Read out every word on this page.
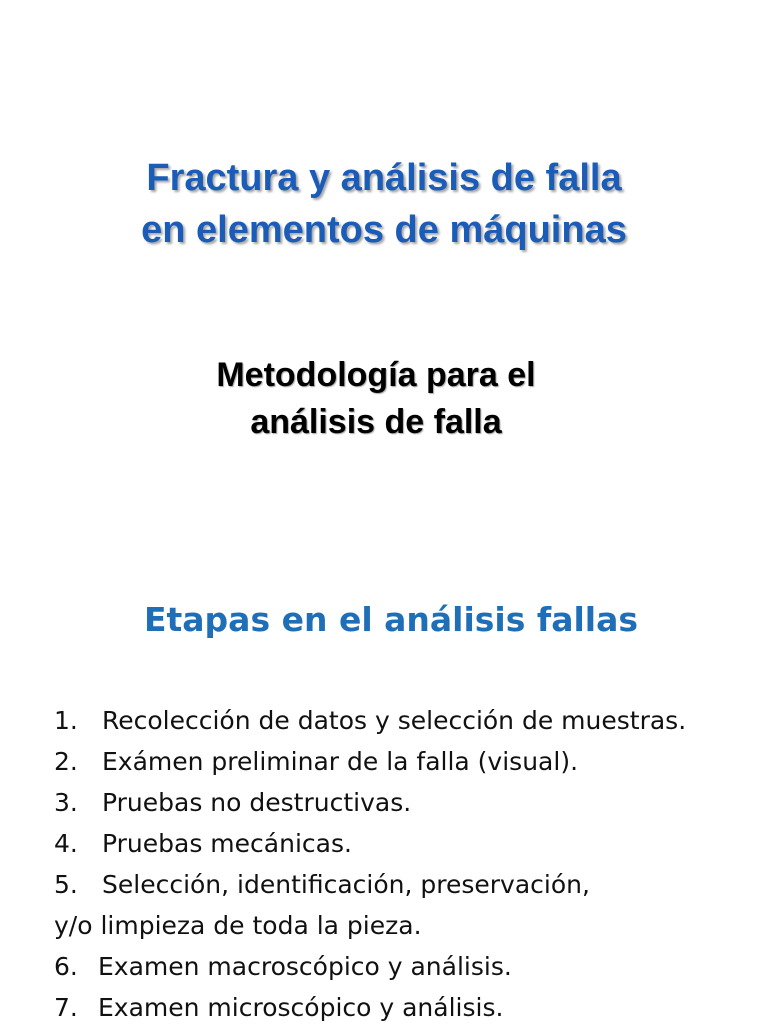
Fractura y análisis de falla
en elementos de máquinas
Metodología para el
análisis de falla
Etapas en el análisis fallas
1. Recolección de datos y selección de muestras.
2. Exámen preliminar de la falla (visual).
3. Pruebas no destructivas.
4. Pruebas mecánicas.
5. Selección, identificación, preservación,
y/o limpieza de toda la pieza.
6. Examen macroscópico y análisis.
7. Examen microscópico y análisis.
